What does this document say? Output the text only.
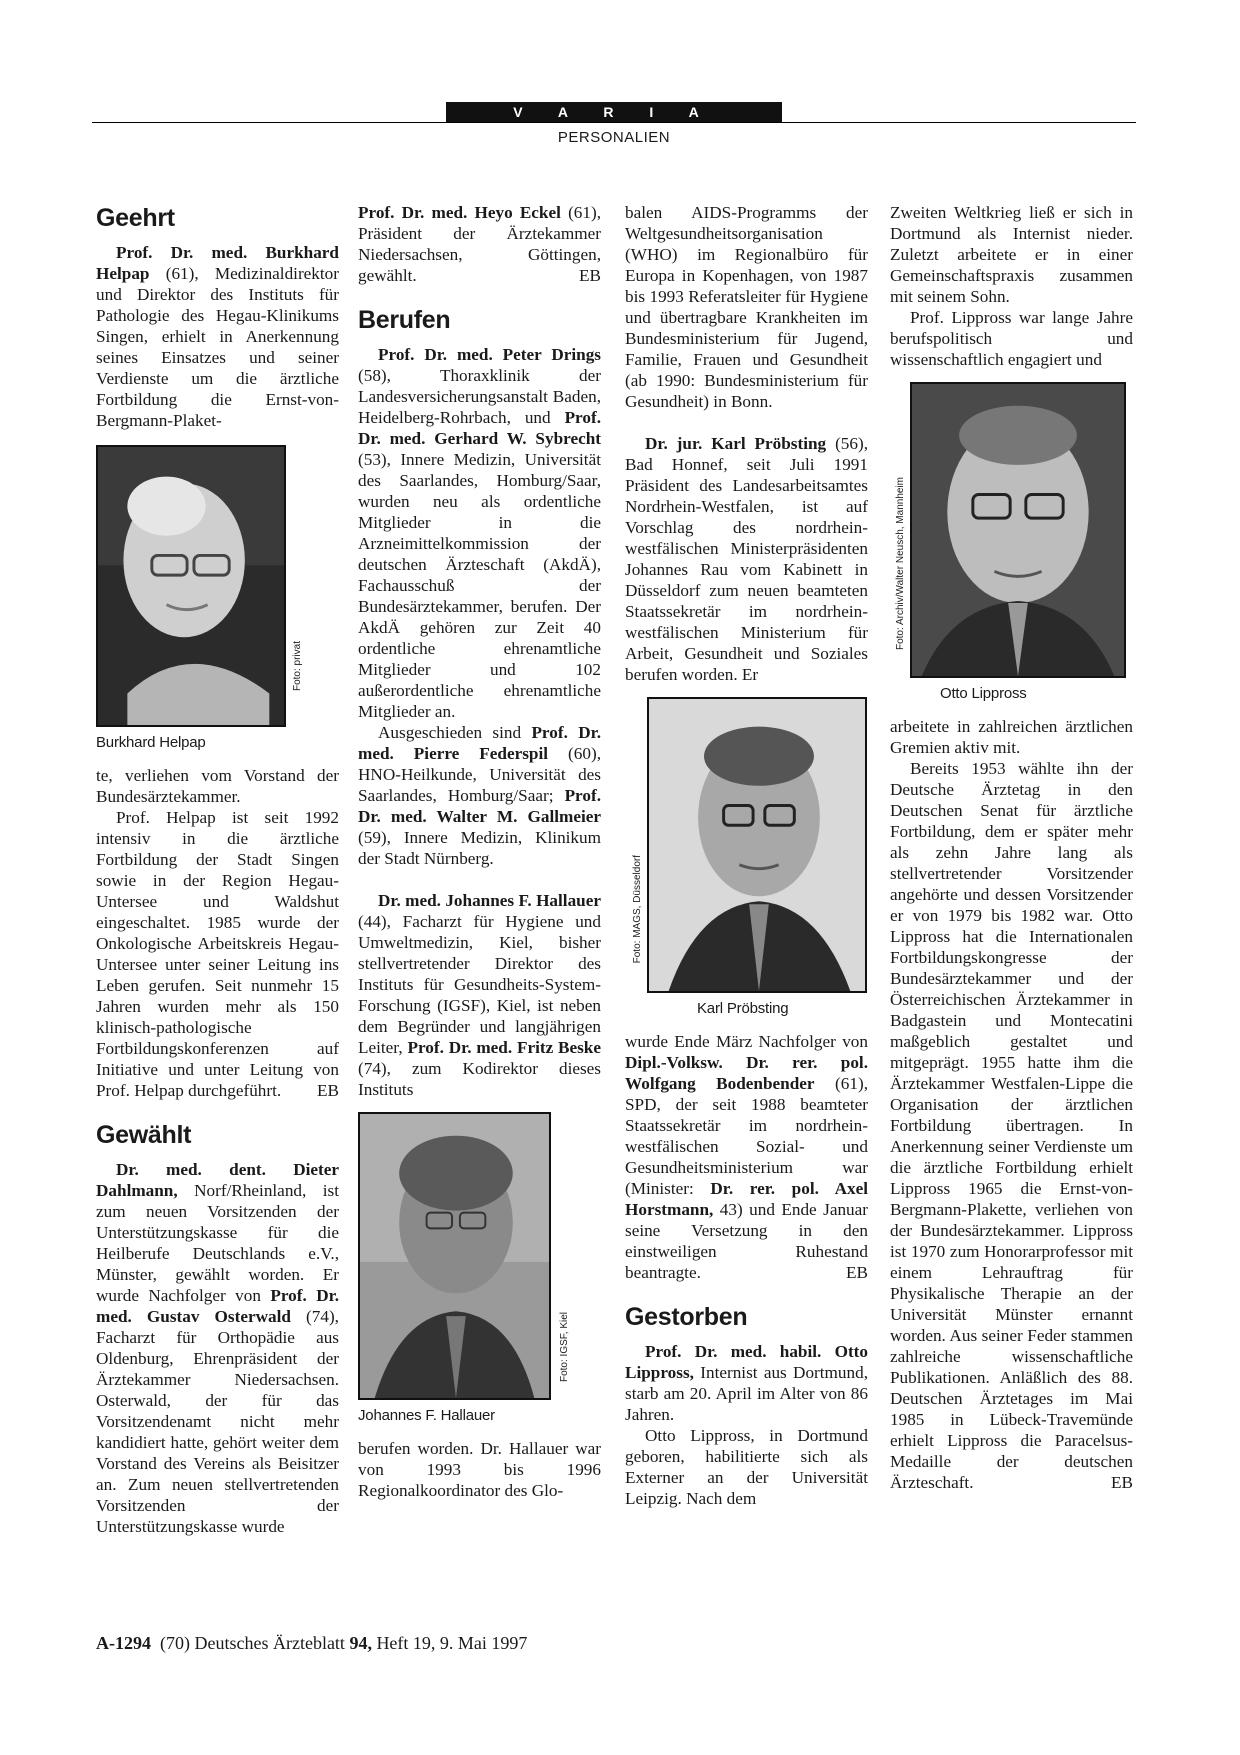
V A R I A
PERSONALIEN
Geehrt

Prof. Dr. med. Burkhard Helpap (61), Medizinaldirektor und Direktor des Instituts für Pathologie des Hegau-Klinikums Singen, erhielt in Anerkennung seines Einsatzes und seiner Verdienste um die ärztliche Fortbildung die Ernst-von-Bergmann-Plaket-

Foto: privat
Burkhard Helpap

te, verliehen vom Vorstand der Bundesärztekammer.

Prof. Helpap ist seit 1992 intensiv in die ärztliche Fortbildung der Stadt Singen sowie in der Region Hegau-Untersee und Waldshut eingeschaltet. 1985 wurde der Onkologische Arbeitskreis Hegau-Untersee unter seiner Leitung ins Leben gerufen. Seit nunmehr 15 Jahren wurden mehr als 150 klinisch-pathologische Fortbildungskonferenzen auf Initiative und unter Leitung von Prof. Helpap durchgeführt.	EB

Gewählt

Dr. med. dent. Dieter Dahlmann, Norf/Rheinland, ist zum neuen Vorsitzenden der Unterstützungskasse für die Heilberufe Deutschlands e.V., Münster, gewählt worden. Er wurde Nachfolger von Prof. Dr. med. Gustav Osterwald (74), Facharzt für Orthopädie aus Oldenburg, Ehrenpräsident der Ärztekammer Niedersachsen. Osterwald, der für das Vorsitzendenamt nicht mehr kandidiert hatte, gehört weiter dem Vorstand des Vereins als Beisitzer an. Zum neuen stellvertretenden Vorsitzenden der Unterstützungskasse wurde

Prof. Dr. med. Heyo Eckel (61), Präsident der Ärztekammer Niedersachsen, Göttingen, gewählt.	EB

Berufen

Prof. Dr. med. Peter Drings (58), Thoraxklinik der Landesversicherungsanstalt Baden, Heidelberg-Rohrbach, und Prof. Dr. med. Gerhard W. Sybrecht (53), Innere Medizin, Universität des Saarlandes, Homburg/Saar, wurden neu als ordentliche Mitglieder in die Arzneimittelkommission der deutschen Ärzteschaft (AkdÄ), Fachausschuß der Bundesärztekammer, berufen. Der AkdÄ gehören zur Zeit 40 ordentliche ehrenamtliche Mitglieder und 102 außerordentliche ehrenamtliche Mitglieder an.

Ausgeschieden sind Prof. Dr. med. Pierre Federspil (60), HNO-Heilkunde, Universität des Saarlandes, Homburg/Saar; Prof. Dr. med. Walter M. Gallmeier (59), Innere Medizin, Klinikum der Stadt Nürnberg.

Dr. med. Johannes F. Hallauer (44), Facharzt für Hygiene und Umweltmedizin, Kiel, bisher stellvertretender Direktor des Instituts für Gesundheits-System-Forschung (IGSF), Kiel, ist neben dem Begründer und langjährigen Leiter, Prof. Dr. med. Fritz Beske (74), zum Kodirektor dieses Instituts

Foto: IGSF, Kiel
Johannes F. Hallauer

berufen worden. Dr. Hallauer war von 1993 bis 1996 Regionalkoordinator des Glo-

balen AIDS-Programms der Weltgesundheitsorganisation (WHO) im Regionalbüro für Europa in Kopenhagen, von 1987 bis 1993 Referatsleiter für Hygiene und übertragbare Krankheiten im Bundesministerium für Jugend, Familie, Frauen und Gesundheit (ab 1990: Bundesministerium für Gesundheit) in Bonn.

Dr. jur. Karl Pröbsting (56), Bad Honnef, seit Juli 1991 Präsident des Landesarbeitsamtes Nordrhein-Westfalen, ist auf Vorschlag des nordrhein-westfälischen Ministerpräsidenten Johannes Rau vom Kabinett in Düsseldorf zum neuen beamteten Staatssekretär im nordrhein-westfälischen Ministerium für Arbeit, Gesundheit und Soziales berufen worden. Er

Foto: MAGS, Düsseldorf
Karl Pröbsting

wurde Ende März Nachfolger von Dipl.-Volksw. Dr. rer. pol. Wolfgang Bodenbender (61), SPD, der seit 1988 beamteter Staatssekretär im nordrhein-westfälischen Sozial- und Gesundheitsministerium war (Minister: Dr. rer. pol. Axel Horstmann, 43) und Ende Januar seine Versetzung in den einstweiligen Ruhestand beantragte.	EB

Gestorben

Prof. Dr. med. habil. Otto Lippross, Internist aus Dortmund, starb am 20. April im Alter von 86 Jahren.

Otto Lippross, in Dortmund geboren, habilitierte sich als Externer an der Universität Leipzig. Nach dem

Zweiten Weltkrieg ließ er sich in Dortmund als Internist nieder. Zuletzt arbeitete er in einer Gemeinschaftspraxis zusammen mit seinem Sohn.

Prof. Lippross war lange Jahre berufspolitisch und wissenschaftlich engagiert und

Foto: Archiv/Walter Neusch, Mannheim
Otto Lippross

arbeitete in zahlreichen ärztlichen Gremien aktiv mit.

Bereits 1953 wählte ihn der Deutsche Ärztetag in den Deutschen Senat für ärztliche Fortbildung, dem er später mehr als zehn Jahre lang als stellvertretender Vorsitzender angehörte und dessen Vorsitzender er von 1979 bis 1982 war. Otto Lippross hat die Internationalen Fortbildungskongresse der Bundesärztekammer und der Österreichischen Ärztekammer in Badgastein und Montecatini maßgeblich gestaltet und mitgeprägt. 1955 hatte ihm die Ärztekammer Westfalen-Lippe die Organisation der ärztlichen Fortbildung übertragen. In Anerkennung seiner Verdienste um die ärztliche Fortbildung erhielt Lippross 1965 die Ernst-von-Bergmann-Plakette, verliehen von der Bundesärztekammer. Lippross ist 1970 zum Honorarprofessor mit einem Lehrauftrag für Physikalische Therapie an der Universität Münster ernannt worden. Aus seiner Feder stammen zahlreiche wissenschaftliche Publikationen. Anläßlich des 88. Deutschen Ärztetages im Mai 1985 in Lübeck-Travemünde erhielt Lippross die Paracelsus-Medaille der deutschen Ärzteschaft.	EB

A-1294  (70) Deutsches Ärzteblatt 94, Heft 19, 9. Mai 1997
